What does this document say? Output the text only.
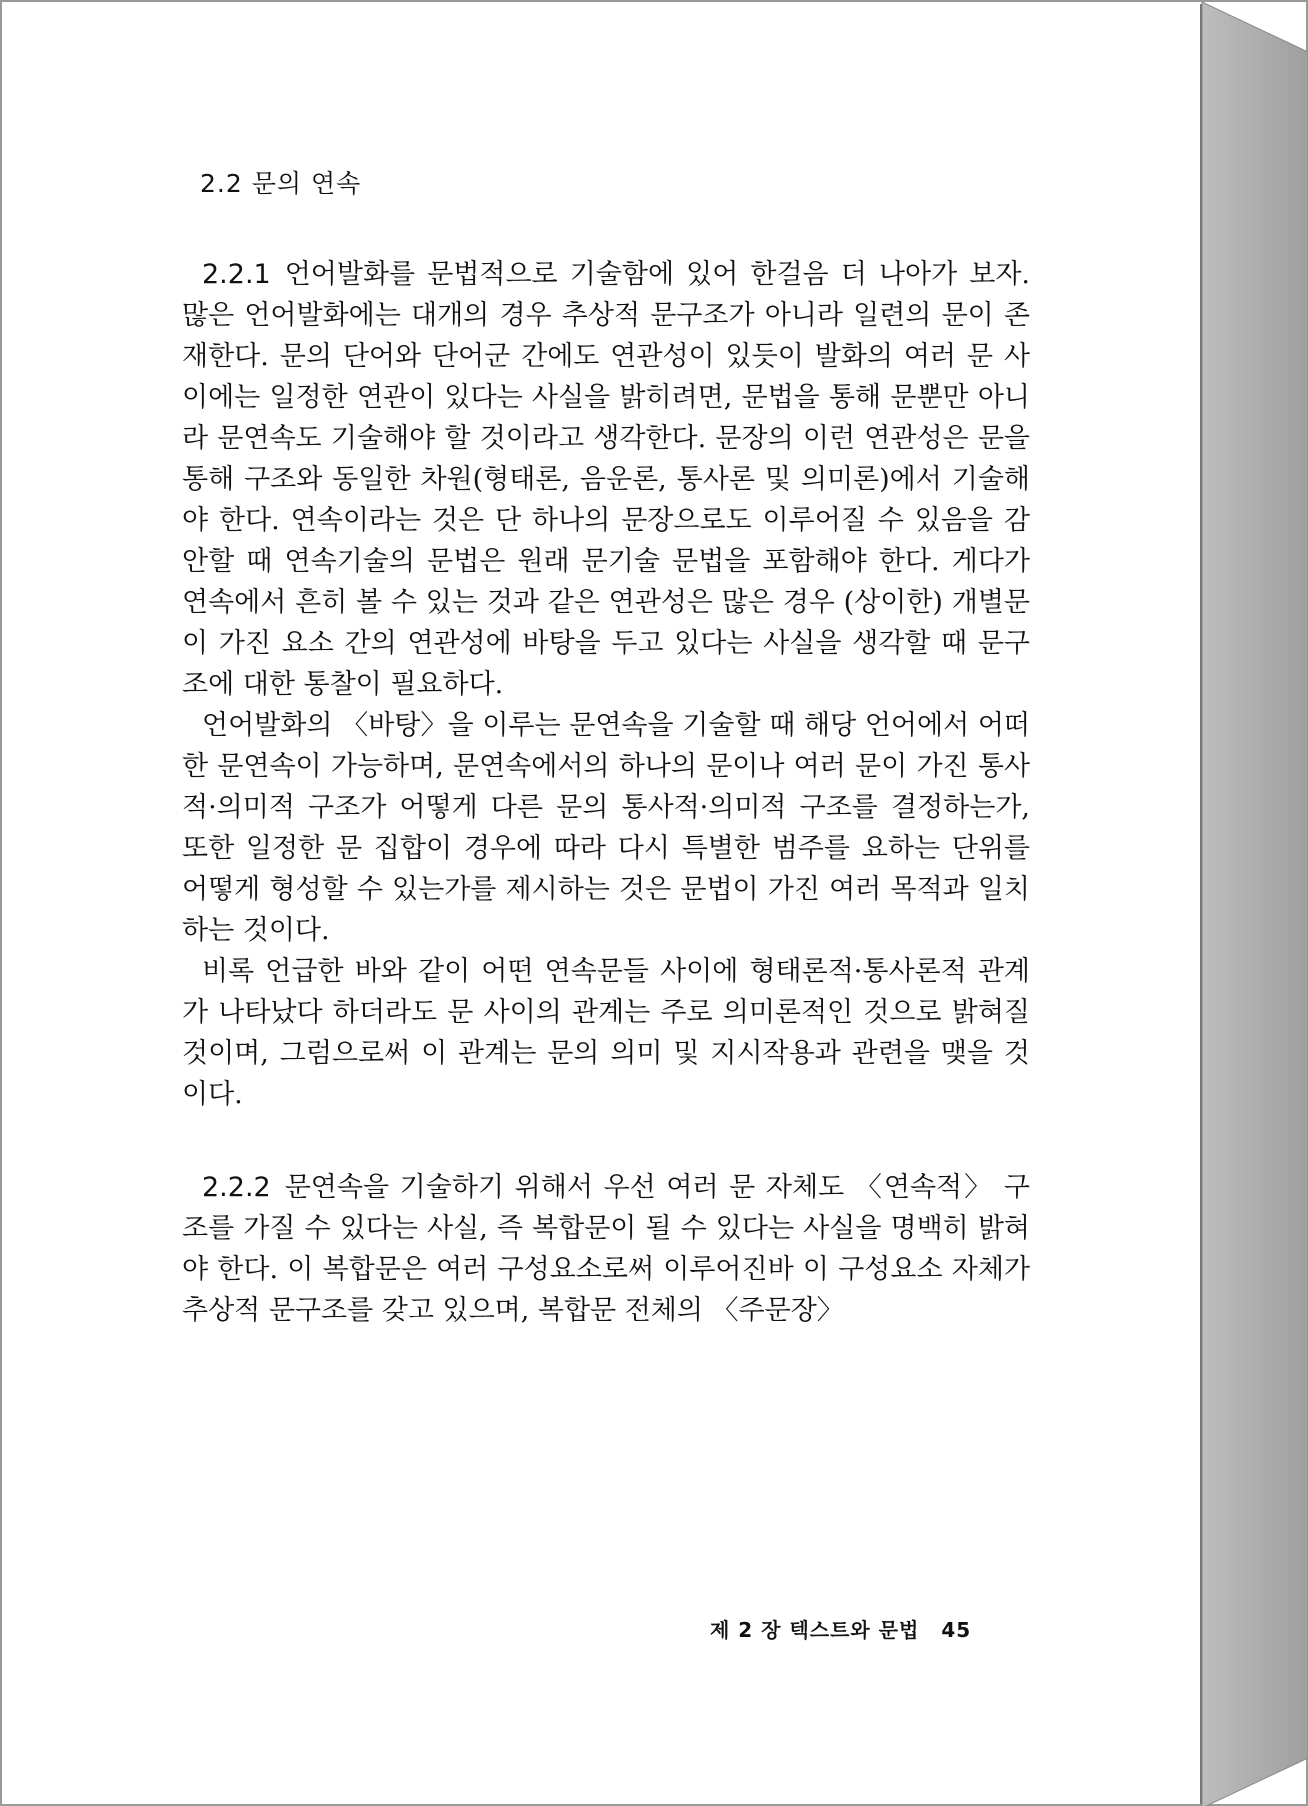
2.2 문의 연속

2.2.1 언어발화를 문법적으로 기술함에 있어 한걸음 더 나아가 보자. 많은 언어발화에는 대개의 경우 추상적 문구조가 아니라 일련의 문이 존재한다. 문의 단어와 단어군 간에도 연관성이 있듯이 발화의 여러 문 사이에는 일정한 연관이 있다는 사실을 밝히려면, 문법을 통해 문뿐만 아니라 문연속도 기술해야 할 것이라고 생각한다. 문장의 이런 연관성은 문을 통해 구조와 동일한 차원(형태론, 음운론, 통사론 및 의미론)에서 기술해야 한다. 연속이라는 것은 단 하나의 문장으로도 이루어질 수 있음을 감안할 때 연속기술의 문법은 원래 문기술 문법을 포함해야 한다. 게다가 연속에서 흔히 볼 수 있는 것과 같은 연관성은 많은 경우 (상이한) 개별문이 가진 요소 간의 연관성에 바탕을 두고 있다는 사실을 생각할 때 문구조에 대한 통찰이 필요하다.

언어발화의 〈바탕〉을 이루는 문연속을 기술할 때 해당 언어에서 어떠한 문연속이 가능하며, 문연속에서의 하나의 문이나 여러 문이 가진 통사적·의미적 구조가 어떻게 다른 문의 통사적·의미적 구조를 결정하는가, 또한 일정한 문 집합이 경우에 따라 다시 특별한 범주를 요하는 단위를 어떻게 형성할 수 있는가를 제시하는 것은 문법이 가진 여러 목적과 일치하는 것이다.

비록 언급한 바와 같이 어떤 연속문들 사이에 형태론적·통사론적 관계가 나타났다 하더라도 문 사이의 관계는 주로 의미론적인 것으로 밝혀질 것이며, 그럼으로써 이 관계는 문의 의미 및 지시작용과 관련을 맺을 것이다.

2.2.2 문연속을 기술하기 위해서 우선 여러 문 자체도 〈연속적〉 구조를 가질 수 있다는 사실, 즉 복합문이 될 수 있다는 사실을 명백히 밝혀야 한다. 이 복합문은 여러 구성요소로써 이루어진바 이 구성요소 자체가 추상적 문구조를 갖고 있으며, 복합문 전체의 〈주문장〉

제 2 장 텍스트와 문법 45
